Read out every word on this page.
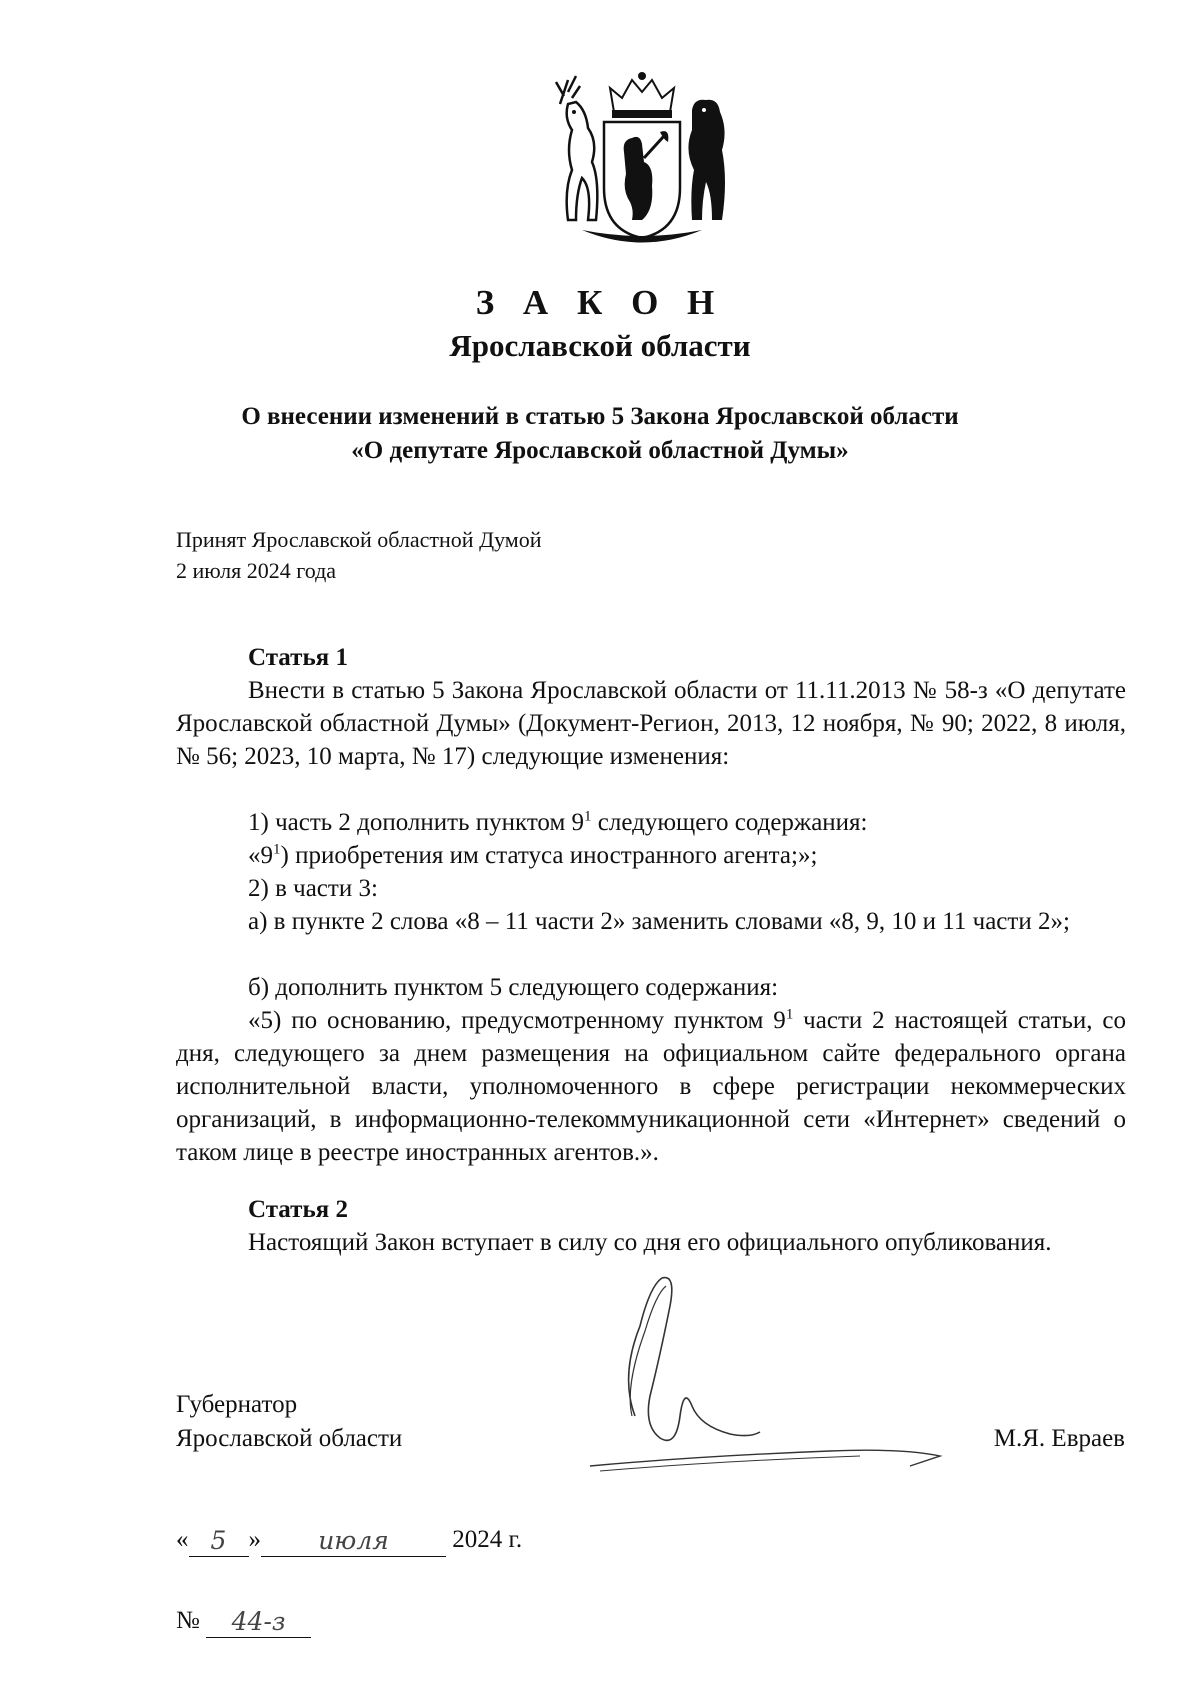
З А К О Н
Ярославской области
О внесении изменений в статью 5 Закона Ярославской области
«О депутате Ярославской областной Думы»
Принят Ярославской областной Думой
2 июля 2024 года
Статья 1

Внести в статью 5 Закона Ярославской области от 11.11.2013 № 58-з «О депутате Ярославской областной Думы» (Документ-Регион, 2013, 12 ноября, № 90; 2022, 8 июля, № 56; 2023, 10 марта, № 17) следующие изменения:

1) часть 2 дополнить пунктом $9^1$ следующего содержания:

«$9^1$) приобретения им статуса иностранного агента;»;

2) в части 3:

а) в пункте 2 слова «8 – 11 части 2» заменить словами «8, 9, 10 и 11 части 2»;

б) дополнить пунктом 5 следующего содержания:

«5) по основанию, предусмотренному пунктом $9^1$ части 2 настоящей статьи, со дня, следующего за днем размещения на официальном сайте федерального органа исполнительной власти, уполномоченного в сфере регистрации некоммерческих организаций, в информационно-телекоммуникационной сети «Интернет» сведений о таком лице в реестре иностранных агентов.».

Статья 2

Настоящий Закон вступает в силу со дня его официального опубликования.

Губернатор
Ярославской области	М.Я. Евраев
« 5 » июля	2024 г.
№ 44-з
